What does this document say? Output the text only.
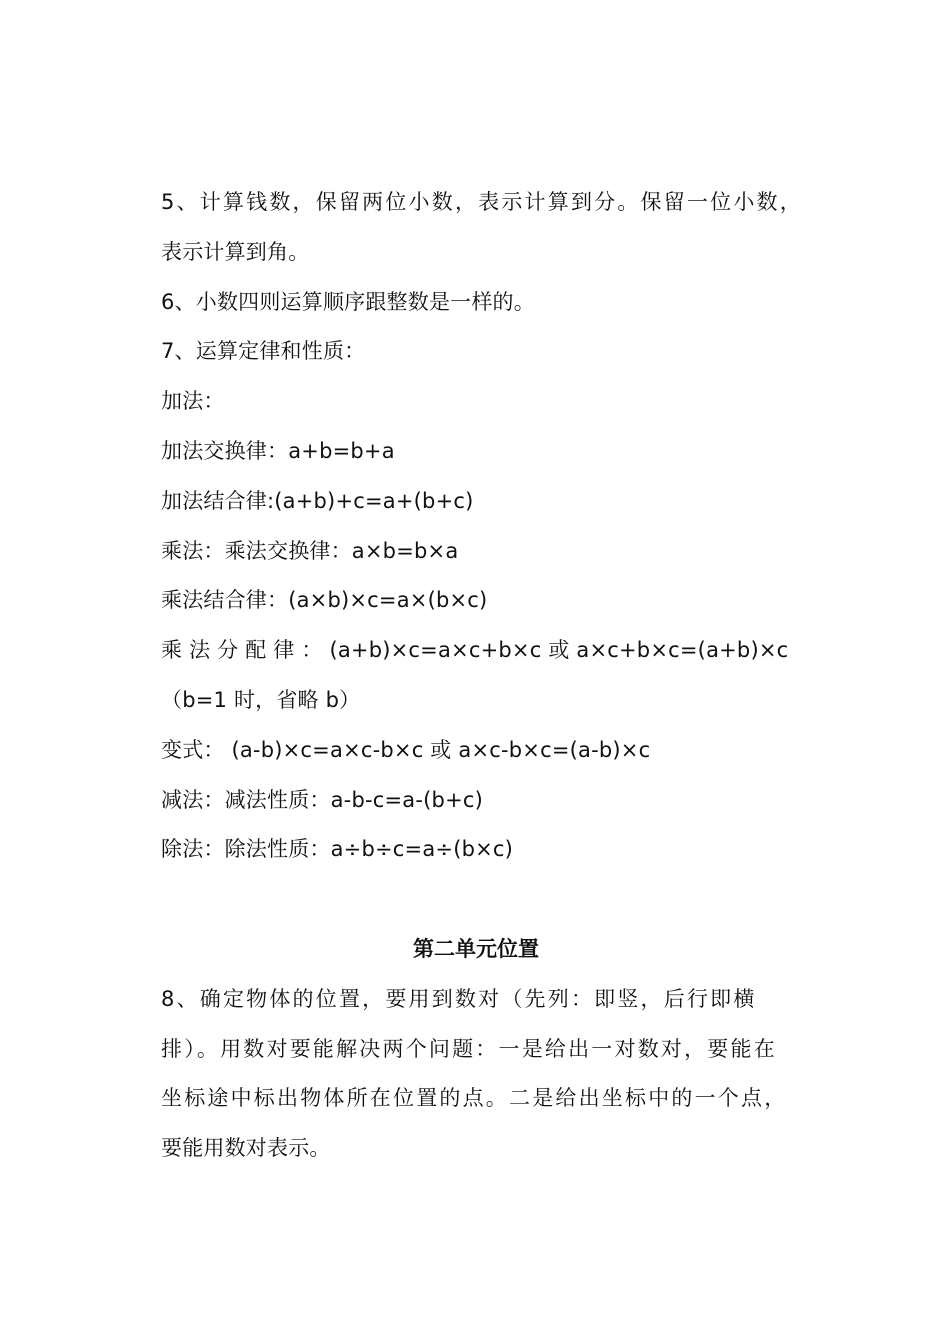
5、计算钱数，保留两位小数，表示计算到分。保留一位小数，
表示计算到角。
6、小数四则运算顺序跟整数是一样的。
7、运算定律和性质：
加法：
加法交换律：a+b=b+a
加法结合律:(a+b)+c=a+(b+c)
乘法：乘法交换律：a×b=b×a
乘法结合律：(a×b)×c=a×(b×c)
乘 法 分 配 律 ： (a+b)×c=a×c+b×c 或 a×c+b×c=(a+b)×c
（b=1 时，省略 b）
变式： (a-b)×c=a×c-b×c 或 a×c-b×c=(a-b)×c
减法：减法性质：a-b-c=a-(b+c)
除法：除法性质：a÷b÷c=a÷(b×c)
第二单元位置
8、确定物体的位置，要用到数对（先列：即竖，后行即横
排）。用数对要能解决两个问题：一是给出一对数对，要能在
坐标途中标出物体所在位置的点。二是给出坐标中的一个点，
要能用数对表示。
